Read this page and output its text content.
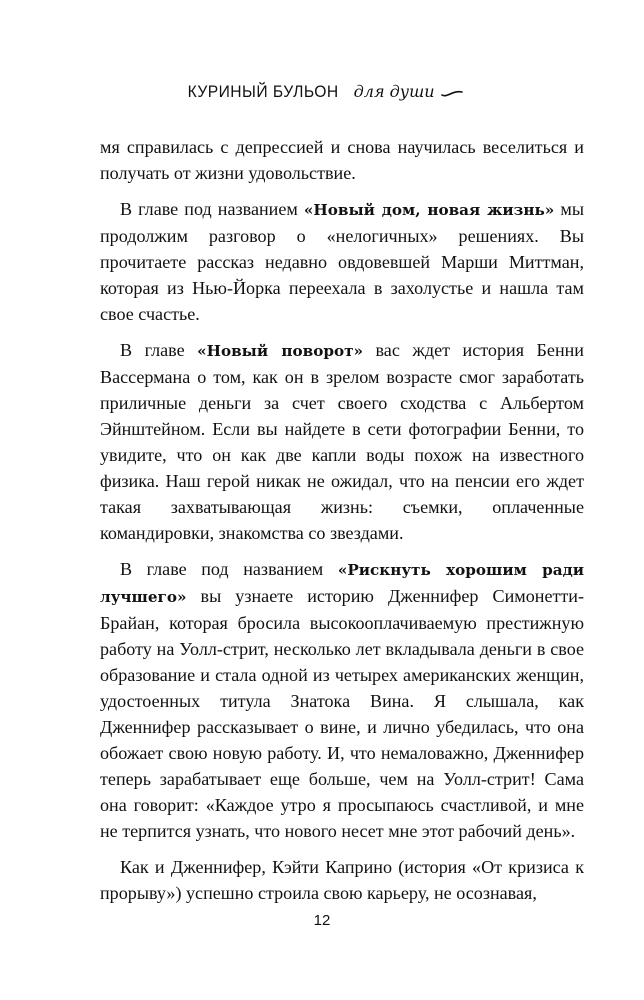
КУРИНЫЙ БУЛЬОН для души

мя справилась с депрессией и снова научилась веселиться и получать от жизни удовольствие.

В главе под названием «Новый дом, новая жизнь» мы продолжим разговор о «нелогичных» решениях. Вы прочитаете рассказ недавно овдовевшей Марши Миттман, которая из Нью-Йорка переехала в захолустье и нашла там свое счастье.

В главе «Новый поворот» вас ждет история Бенни Вассермана о том, как он в зрелом возрасте смог заработать приличные деньги за счет своего сходства с Альбертом Эйнштейном. Если вы найдете в сети фотографии Бенни, то увидите, что он как две капли воды похож на известного физика. Наш герой никак не ожидал, что на пенсии его ждет такая захватывающая жизнь: съемки, оплаченные командировки, знакомства со звездами.

В главе под названием «Рискнуть хорошим ради лучшего» вы узнаете историю Дженнифер Симонетти-Брайан, которая бросила высокооплачиваемую престижную работу на Уолл-стрит, несколько лет вкладывала деньги в свое образование и стала одной из четырех американских женщин, удостоенных титула Знатока Вина. Я слышала, как Дженнифер рассказывает о вине, и лично убедилась, что она обожает свою новую работу. И, что немаловажно, Дженнифер теперь зарабатывает еще больше, чем на Уолл-стрит! Сама она говорит: «Каждое утро я просыпаюсь счастливой, и мне не терпится узнать, что нового несет мне этот рабочий день».

Как и Дженнифер, Кэйти Каприно (история «От кризиса к прорыву») успешно строила свою карьеру, не осознавая,

12
